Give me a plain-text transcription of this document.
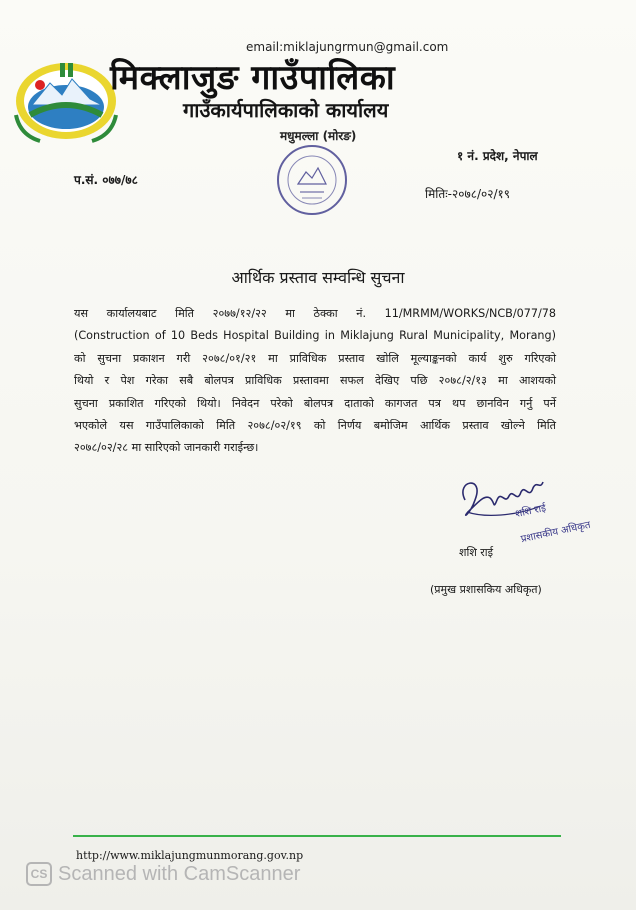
email:miklajungrmun@gmail.com
मिक्लाजुङ गाउँपालिका
गाउँकार्यपालिकाको कार्यालय
मधुमल्ला (मोरङ)
१ नं. प्रदेश, नेपाल
प.सं. ०७७/७८
मितिः-२०७८/०२/१९
आर्थिक प्रस्ताव सम्वन्धि सुचना
यस कार्यालयबाट मिति २०७७/१२/२२ मा ठेक्का नं. 11/MRMM/WORKS/NCB/077/78
(Construction of 10 Beds Hospital Building in Miklajung Rural Municipality, Morang)
को सुचना प्रकाशन गरी २०७८/०१/२१ मा प्राविधिक प्रस्ताव खोलि मूल्याङ्कनको कार्य शुरु गरिएको
थियो र पेश गरेका सबै बोलपत्र प्राविधिक प्रस्तावमा सफल देखिए पछि २०७८/२/१३ मा आशयको
सुचना प्रकाशित गरिएको थियो। निवेदन परेको बोलपत्र दाताको कागजत पत्र थप छानविन गर्नु पर्ने
भएकोले यस गाउँपालिकाको मिति २०७८/०२/१९ को निर्णय बमोजिम आर्थिक प्रस्ताव खोल्ने मिति
२०७८/०२/२८ मा सारिएको जानकारी गराईन्छ।
शशि राई
प्रशासकीय अधिकृत
शशि राई
(प्रमुख प्रशासकिय अधिकृत)
http://www.miklajungmunmorang.gov.np
CS Scanned with CamScanner
